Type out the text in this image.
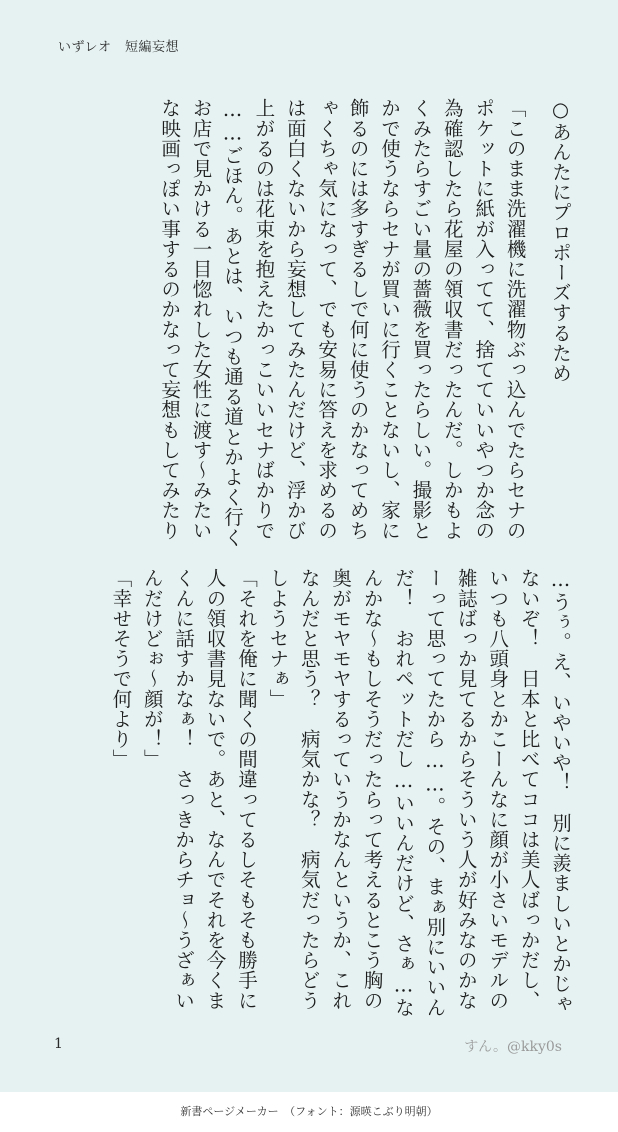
いずレオ　短編妄想
○あんたにプロポーズするため
「このまま洗濯機に洗濯物ぶっ込んでたらセナの
ポケットに紙が入ってて、捨てていいやつか念の
為確認したら花屋の領収書だったんだ。しかもよ
くみたらすごい量の薔薇を買ったらしい。撮影と
かで使うならセナが買いに行くことないし、家に
飾るのには多すぎるしで何に使うのかなってめち
ゃくちゃ気になって、でも安易に答えを求めるの
は面白くないから妄想してみたんだけど、浮かび
上がるのは花束を抱えたかっこいいセナばかりで
……ごほん。あとは、いつも通る道とかよく行く
お店で見かける一目惚れした女性に渡す～みたい
な映画っぽい事するのかなって妄想もしてみたり
…うぅ。え、いやいや！　別に羨ましいとかじゃ
ないぞ！　日本と比べてココは美人ばっかだし、
いつも八頭身とかこーんなに顔が小さいモデルの
雑誌ばっか見てるからそういう人が好みなのかな
ーって思ってたから……。その、まぁ別にいいん
だ！　おれペットだし…いいんだけど、さぁ…な
んかな～もしそうだったらって考えるとこう胸の
奥がモヤモヤするっていうかなんというか、これ
なんだと思う？　病気かな？　病気だったらどう
しようセナぁ」
「それを俺に聞くの間違ってるしそもそも勝手に
人の領収書見ないで。あと、なんでそれを今くま
くんに話すかなぁ！　さっきからチョ～うざぁい
んだけどぉ～顔が！」
「幸せそうで何より」
1	すん。@kky0s
新書ページメーカー　（フォント：源暎こぶり明朝）
